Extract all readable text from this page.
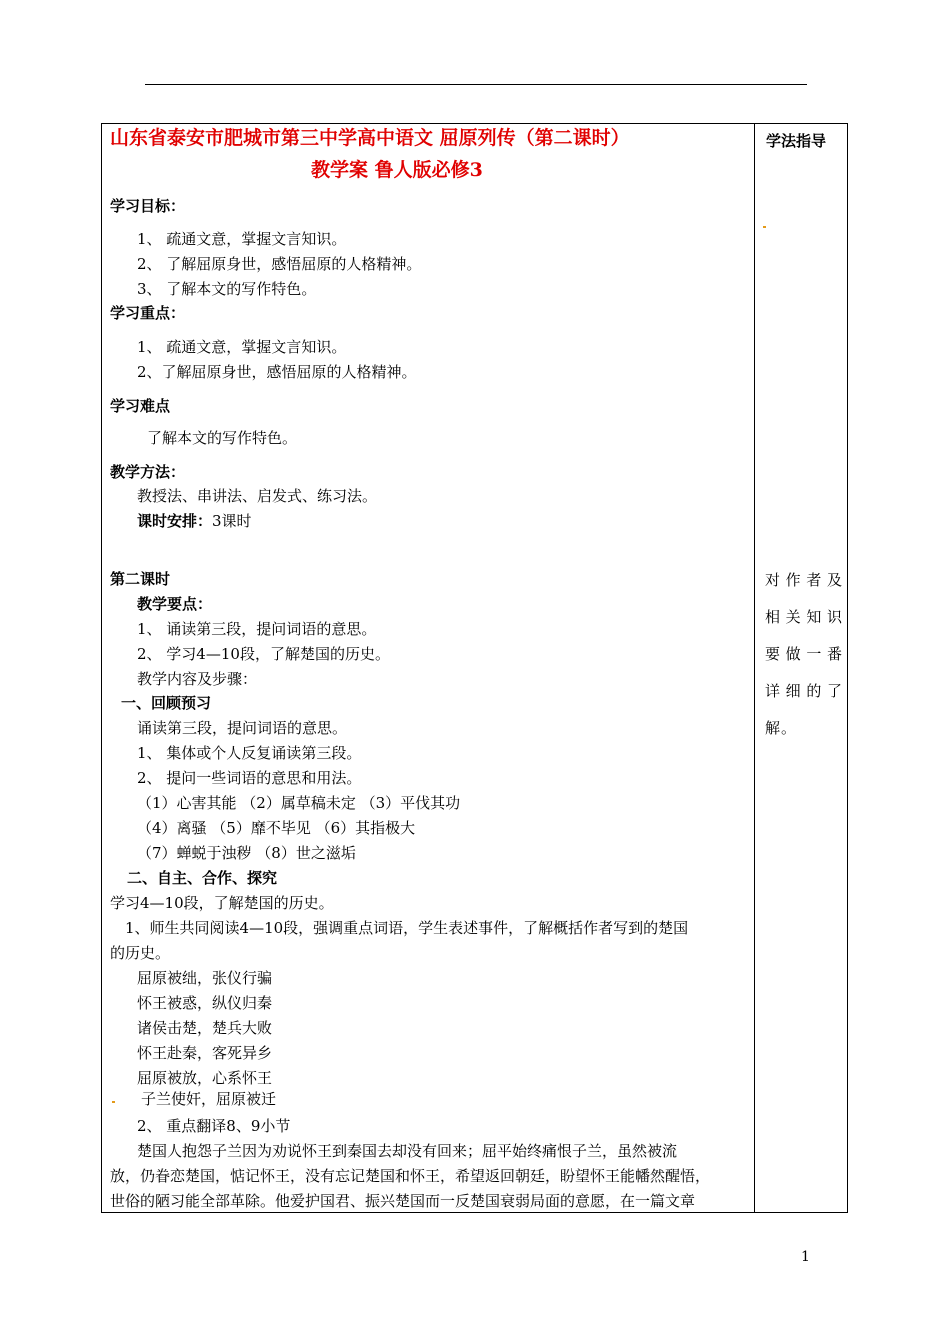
山东省泰安市肥城市第三中学高中语文 屈原列传（第二课时）
教学案 鲁人版必修3
学习目标：
1、 疏通文意，掌握文言知识。
2、 了解屈原身世，感悟屈原的人格精神。
3、 了解本文的写作特色。
学习重点：
1、 疏通文意，掌握文言知识。
2、了解屈原身世，感悟屈原的人格精神。
学习难点
了解本文的写作特色。
教学方法：
教授法、串讲法、启发式、练习法。
课时安排：3课时
第二课时
教学要点：
1、 诵读第三段，提问词语的意思。
2、 学习4—10段，了解楚国的历史。
教学内容及步骤：
一、回顾预习
诵读第三段，提问词语的意思。
1、 集体或个人反复诵读第三段。
2、 提问一些词语的意思和用法。
（1）心害其能 （2）属草稿未定 （3）平伐其功
（4）离骚 （5）靡不毕见 （6）其指极大
（7）蝉蜕于浊秽 （8）世之滋垢
二、自主、合作、探究
学习4—10段，了解楚国的历史。
1、师生共同阅读4—10段，强调重点词语，学生表述事件，了解概括作者写到的楚国
的历史。
屈原被绌，张仪行骗
怀王被惑，纵仪归秦
诸侯击楚，楚兵大败
怀王赴秦，客死异乡
屈原被放，心系怀王
子兰使奸，屈原被迁
2、 重点翻译8、9小节
楚国人抱怨子兰因为劝说怀王到秦国去却没有回来；屈平始终痛恨子兰，虽然被流
放，仍眷恋楚国，惦记怀王，没有忘记楚国和怀王，希望返回朝廷，盼望怀王能幡然醒悟，
世俗的陋习能全部革除。他爱护国君、振兴楚国而一反楚国衰弱局面的意愿，在一篇文章
学法指导
对作者及
相关知识
要做一番
详细的了
解。
1
